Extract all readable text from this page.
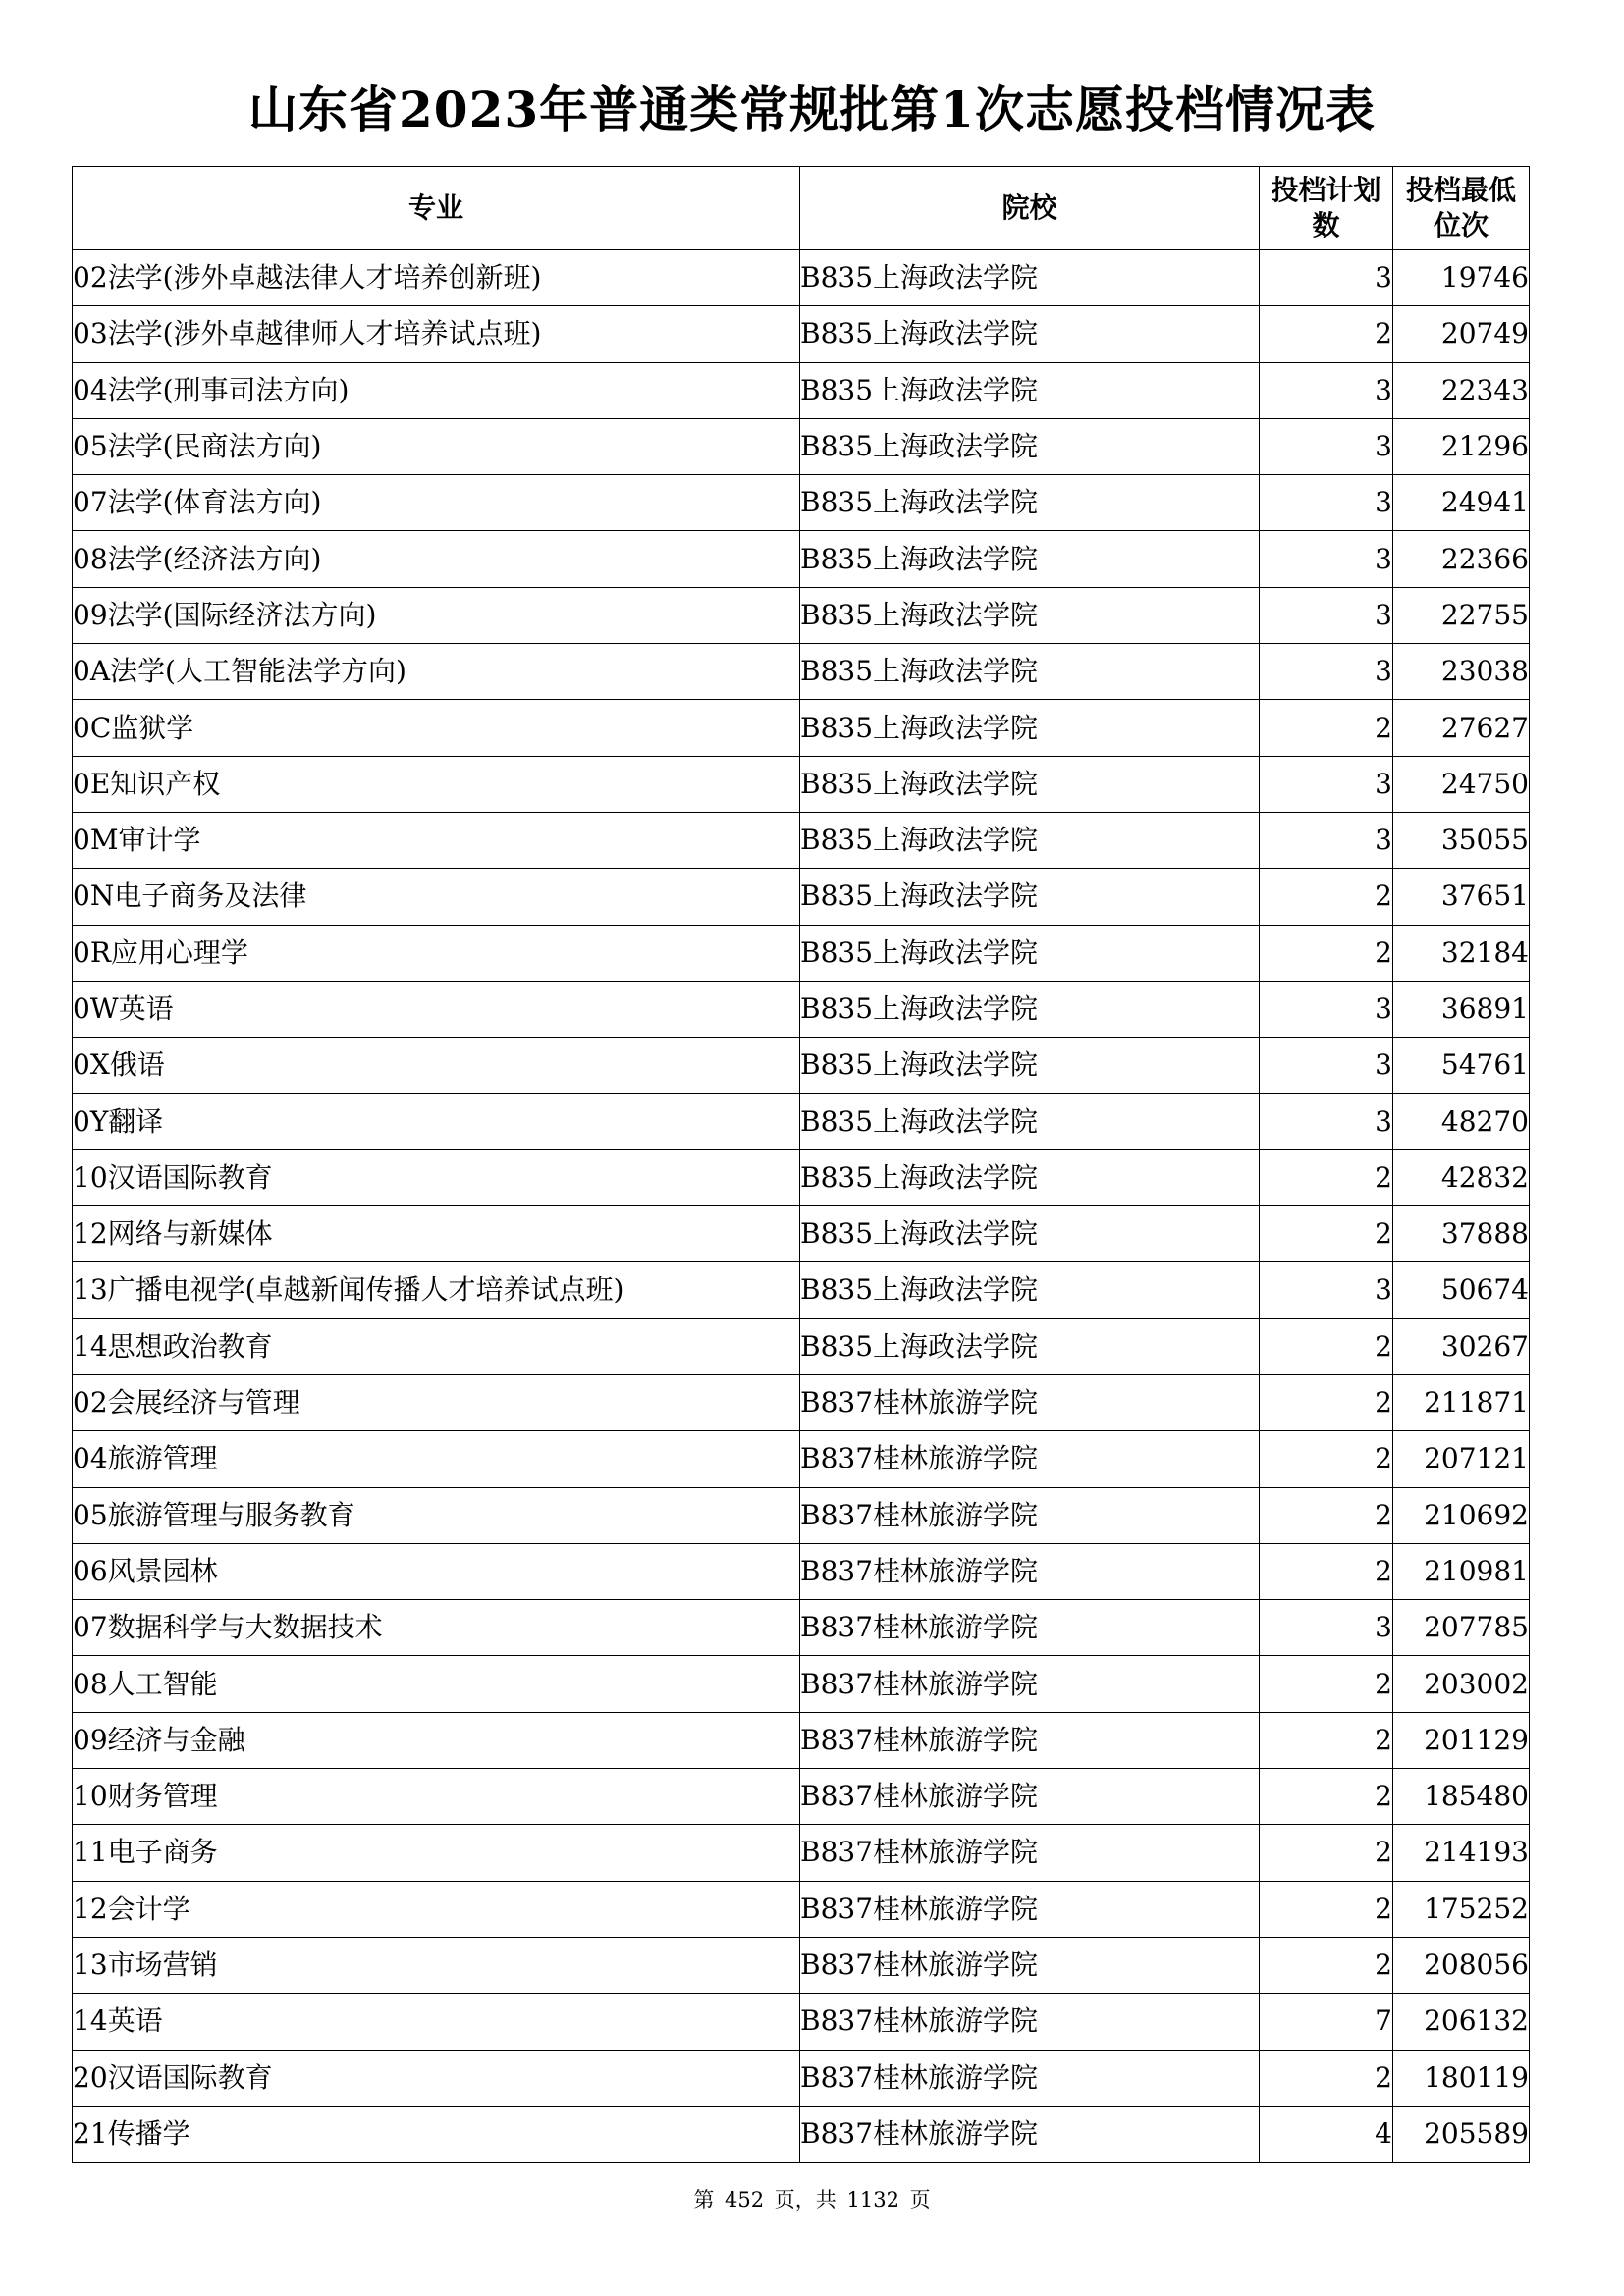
山东省2023年普通类常规批第1次志愿投档情况表
专业	院校	投档计划数	投档最低位次
02法学(涉外卓越法律人才培养创新班)	B835上海政法学院	3	19746
03法学(涉外卓越律师人才培养试点班)	B835上海政法学院	2	20749
04法学(刑事司法方向)	B835上海政法学院	3	22343
05法学(民商法方向)	B835上海政法学院	3	21296
07法学(体育法方向)	B835上海政法学院	3	24941
08法学(经济法方向)	B835上海政法学院	3	22366
09法学(国际经济法方向)	B835上海政法学院	3	22755
0A法学(人工智能法学方向)	B835上海政法学院	3	23038
0C监狱学	B835上海政法学院	2	27627
0E知识产权	B835上海政法学院	3	24750
0M审计学	B835上海政法学院	3	35055
0N电子商务及法律	B835上海政法学院	2	37651
0R应用心理学	B835上海政法学院	2	32184
0W英语	B835上海政法学院	3	36891
0X俄语	B835上海政法学院	3	54761
0Y翻译	B835上海政法学院	3	48270
10汉语国际教育	B835上海政法学院	2	42832
12网络与新媒体	B835上海政法学院	2	37888
13广播电视学(卓越新闻传播人才培养试点班)	B835上海政法学院	3	50674
14思想政治教育	B835上海政法学院	2	30267
02会展经济与管理	B837桂林旅游学院	2	211871
04旅游管理	B837桂林旅游学院	2	207121
05旅游管理与服务教育	B837桂林旅游学院	2	210692
06风景园林	B837桂林旅游学院	2	210981
07数据科学与大数据技术	B837桂林旅游学院	3	207785
08人工智能	B837桂林旅游学院	2	203002
09经济与金融	B837桂林旅游学院	2	201129
10财务管理	B837桂林旅游学院	2	185480
11电子商务	B837桂林旅游学院	2	214193
12会计学	B837桂林旅游学院	2	175252
13市场营销	B837桂林旅游学院	2	208056
14英语	B837桂林旅游学院	7	206132
20汉语国际教育	B837桂林旅游学院	2	180119
21传播学	B837桂林旅游学院	4	205589
第 452 页，共 1132 页
